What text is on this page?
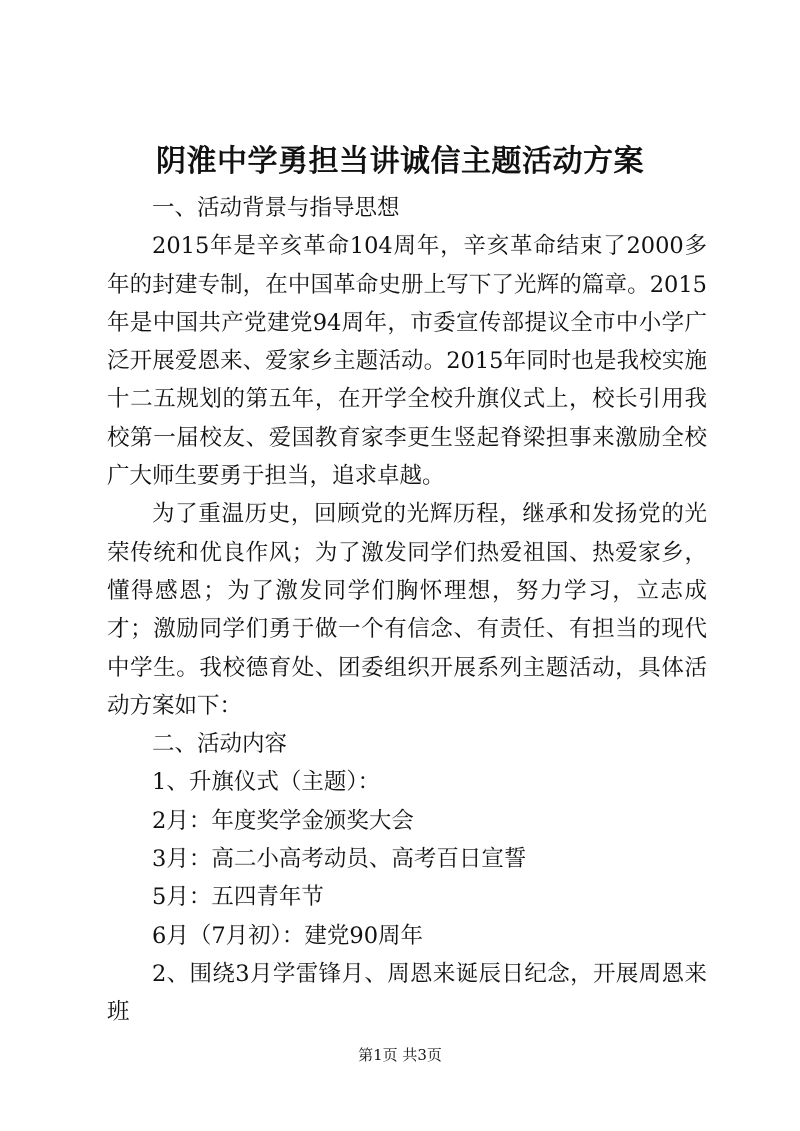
阴淮中学勇担当讲诚信主题活动方案

一、活动背景与指导思想

2015年是辛亥革命104周年，辛亥革命结束了2000多年的封建专制，在中国革命史册上写下了光辉的篇章。2015年是中国共产党建党94周年，市委宣传部提议全市中小学广泛开展爱恩来、爱家乡主题活动。2015年同时也是我校实施十二五规划的第五年，在开学全校升旗仪式上，校长引用我校第一届校友、爱国教育家李更生竖起脊梁担事来激励全校广大师生要勇于担当，追求卓越。

为了重温历史，回顾党的光辉历程，继承和发扬党的光荣传统和优良作风；为了激发同学们热爱祖国、热爱家乡，懂得感恩；为了激发同学们胸怀理想，努力学习，立志成才；激励同学们勇于做一个有信念、有责任、有担当的现代中学生。我校德育处、团委组织开展系列主题活动，具体活动方案如下：

二、活动内容

1、升旗仪式（主题）：

2月：年度奖学金颁奖大会

3月：高二小高考动员、高考百日宣誓

5月：五四青年节

6月（7月初）：建党90周年

2、围绕3月学雷锋月、周恩来诞辰日纪念，开展周恩来班

第1页 共3页
